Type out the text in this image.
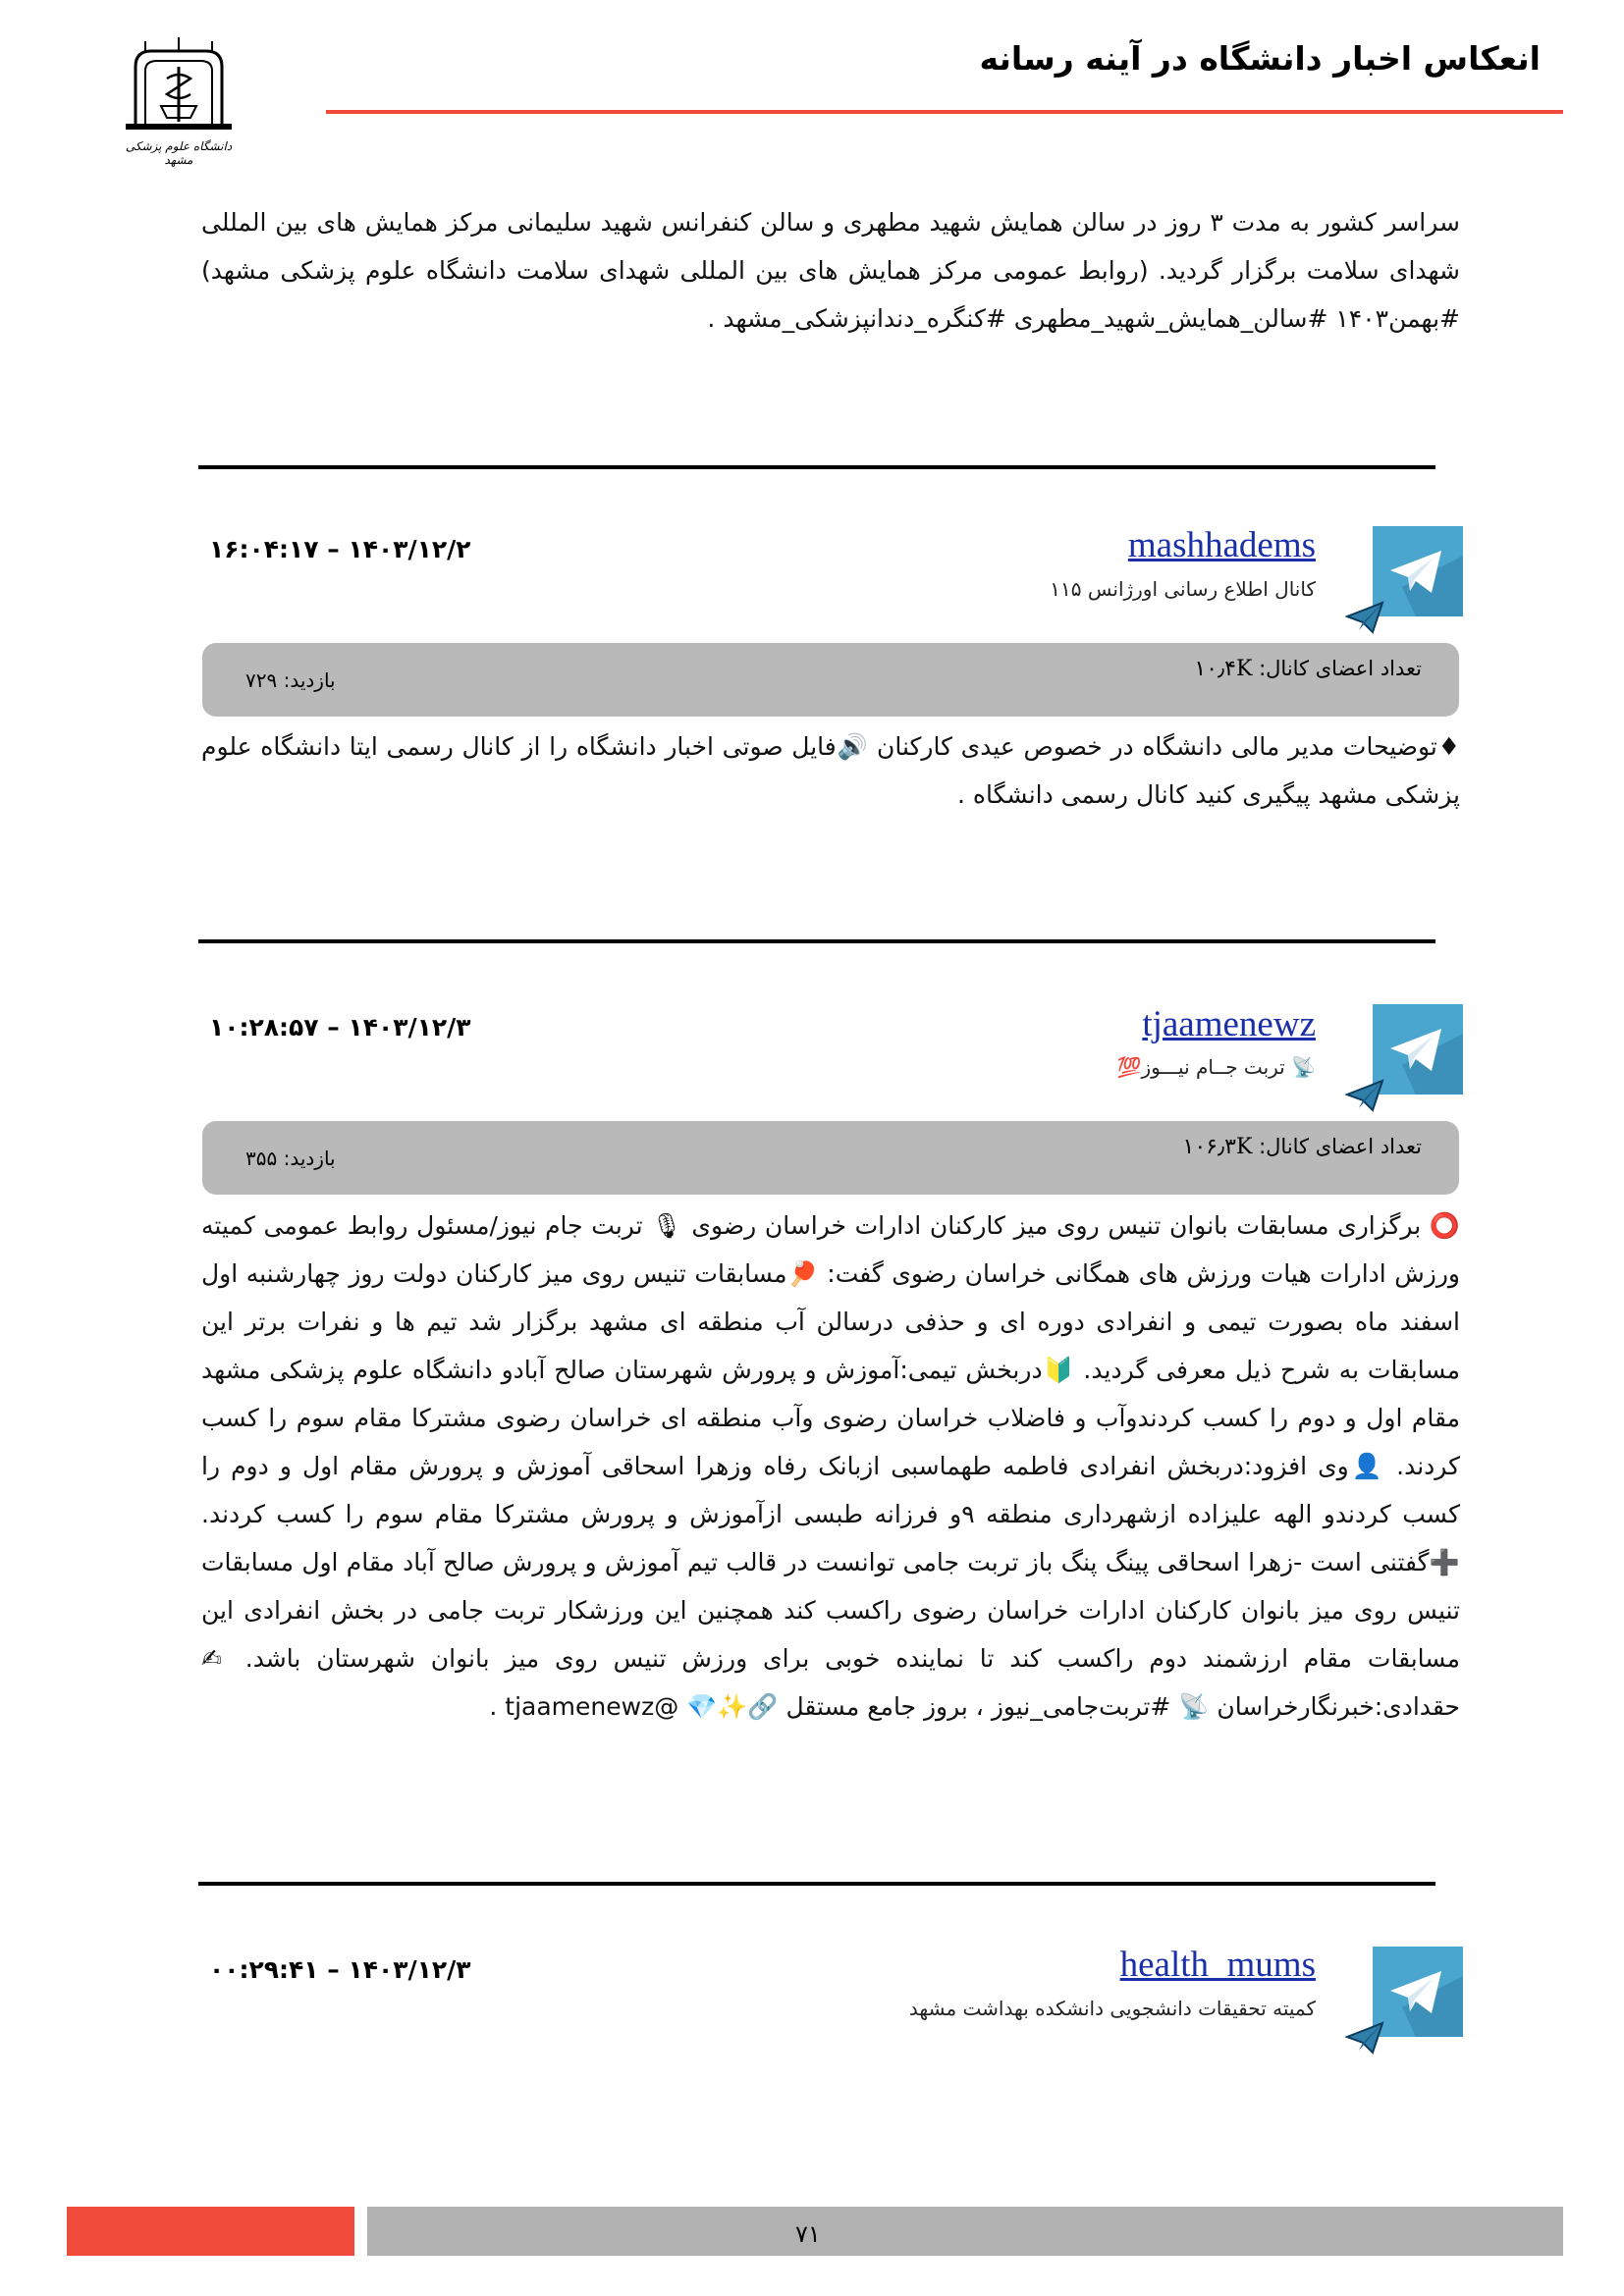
دانشگاه علوم پزشکی مشهد
انعکاس اخبار دانشگاه در آینه رسانه
سراسر کشور به مدت ۳ روز در سالن همایش شهید مطهری و سالن کنفرانس شهید سلیمانی مرکز همایش های بین المللی شهدای سلامت برگزار گردید. (روابط عمومی مرکز همایش های بین المللی شهدای سلامت دانشگاه علوم پزشکی مشهد) #بهمن۱۴۰۳ #سالن_همایش_شهید_مطهری #کنگره_دندانپزشکی_مشهد .
mashhadems
کانال اطلاع رسانی اورژانس ۱۱۵
۱۶:۰۴:۱۷ – ۱۴۰۳/۱۲/۲
تعداد اعضای کانال: ۱۰٫۴K
بازدید: ۷۲۹
♦توضیحات مدیر مالی دانشگاه در خصوص عیدی کارکنان 🔊فایل صوتی اخبار دانشگاه را از کانال رسمی ایتا دانشگاه علوم پزشکی مشهد پیگیری کنید کانال رسمی دانشگاه .
tjaamenewz
📡 تربت جــام نیـــوز💯
۱۰:۲۸:۵۷ – ۱۴۰۳/۱۲/۳
تعداد اعضای کانال: ۱۰۶٫۳K
بازدید: ۳۵۵
⭕ برگزاری مسابقات بانوان تنیس روی میز کارکنان ادارات خراسان رضوی 🎙 تربت جام نیوز/مسئول روابط عمومی کمیته ورزش ادارات هیات ورزش های همگانی خراسان رضوی گفت: 🏓مسابقات تنیس روی میز کارکنان دولت روز چهارشنبه اول اسفند ماه بصورت تیمی و انفرادی دوره ای و حذفی درسالن آب منطقه ای مشهد برگزار شد تیم ها و نفرات برتر این مسابقات به شرح ذیل معرفی گردید. 🔰دربخش تیمی:آموزش و پرورش شهرستان صالح آبادو دانشگاه علوم پزشکی مشهد مقام اول و دوم را کسب کردندوآب و فاضلاب خراسان رضوی وآب منطقه ای خراسان رضوی مشترکا مقام سوم را کسب کردند. 👤وی افزود:دربخش انفرادی فاطمه طهماسبی ازبانک رفاه وزهرا اسحاقی آموزش و پرورش مقام اول و دوم را کسب کردندو الهه علیزاده ازشهرداری منطقه ۹و فرزانه طبسی ازآموزش و پرورش مشترکا مقام سوم را کسب کردند. ➕گفتنی است -زهرا اسحاقی پینگ پنگ باز تربت جامی توانست در قالب تیم آموزش و پرورش صالح آباد مقام اول مسابقات تنیس روی میز بانوان کارکنان ادارات خراسان رضوی راکسب کند همچنین این ورزشکار تربت جامی در بخش انفرادی این مسابقات مقام ارزشمند دوم راکسب کند تا نماینده خوبی برای ورزش تنیس روی میز بانوان شهرستان باشد. ✍حقدادی:خبرنگارخراسان 📡 #تربت‌جامی_نیوز ، بروز جامع مستقل 🔗✨💎 @tjaamenewz .
health_mums
کمیته تحقیقات دانشجویی دانشکده بهداشت مشهد
۰۰:۲۹:۴۱ – ۱۴۰۳/۱۲/۳
۷۱
